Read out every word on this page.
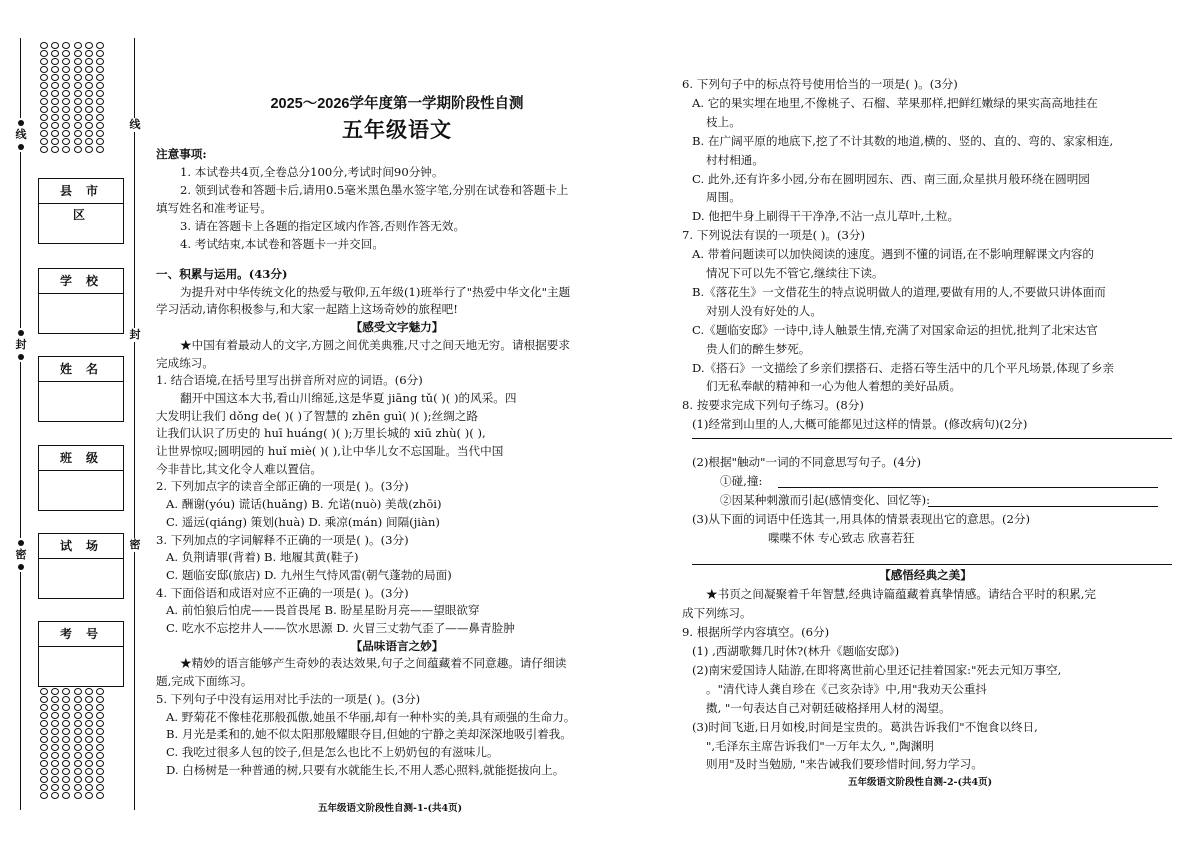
线
封
密
线
封
密
县市区
学校
姓名
班级
试场
考号
2025～2026学年度第一学期阶段性自测
五年级语文
注意事项:
1. 本试卷共4页,全卷总分100分,考试时间90分钟。
2. 领到试卷和答题卡后,请用0.5毫米黑色墨水签字笔,分别在试卷和答题卡上
填写姓名和准考证号。
3. 请在答题卡上各题的指定区域内作答,否则作答无效。
4. 考试结束,本试卷和答题卡一并交回。
一、积累与运用。(43分)
为提升对中华传统文化的热爱与敬仰,五年级(1)班举行了"热爱中华文化"主题
学习活动,请你积极参与,和大家一起踏上这场奇妙的旅程吧!
【感受文字魅力】
★中国有着最动人的文字,方圆之间优美典雅,尺寸之间天地无穷。请根据要求
完成练习。
1. 结合语境,在括号里写出拼音所对应的词语。(6分)
翻开中国这本大书,看山川绵延,这是华夏 jiāng tǔ( )( )的风采。四
大发明让我们 dǒng de( )( )了智慧的 zhēn guì( )( );丝绸之路
让我们认识了历史的 huī huáng( )( );万里长城的 xiū zhù( )( ),
让世界惊叹;圆明园的 huǐ miè( )( ),让中华儿女不忘国耻。当代中国
今非昔比,其文化令人难以置信。
2. 下列加点字的读音全部正确的一项是( )。(3分)
A. 酬谢(yóu) 谎话(huǎng) B. 允诺(nuò) 美哉(zhōi)
C. 遥远(qiáng) 策划(huà) D. 乘凉(mán) 间隔(jiàn)
3. 下列加点的字词解释不正确的一项是( )。(3分)
A. 负荆请罪(背着) B. 地履其黄(鞋子)
C. 题临安邸(旅店) D. 九州生气恃风雷(朝气蓬勃的局面)
4. 下面俗语和成语对应不正确的一项是( )。(3分)
A. 前怕狼后怕虎——畏首畏尾 B. 盼星星盼月亮——望眼欲穿
C. 吃水不忘挖井人——饮水思源 D. 火冒三丈勃气歪了——鼻青脸肿
【品味语言之妙】
★精妙的语言能够产生奇妙的表达效果,句子之间蕴藏着不同意趣。请仔细读
题,完成下面练习。
5. 下列句子中没有运用对比手法的一项是( )。(3分)
A. 野菊花不像桂花那般孤傲,她虽不华丽,却有一种朴实的美,具有顽强的生命力。
B. 月光是柔和的,她不似太阳那般耀眼夺目,但她的宁静之美却深深地吸引着我。
C. 我吃过很多人包的饺子,但是怎么也比不上奶奶包的有滋味儿。
D. 白杨树是一种普通的树,只要有水就能生长,不用人悉心照料,就能挺拔向上。
五年级语文阶段性自测-1-(共4页)
6. 下列句子中的标点符号使用恰当的一项是( )。(3分)
A. 它的果实埋在地里,不像桃子、石榴、苹果那样,把鲜红嫩绿的果实高高地挂在
枝上。
B. 在广阔平原的地底下,挖了不计其数的地道,横的、竖的、直的、弯的、家家相连,
村村相通。
C. 此外,还有许多小园,分布在圆明园东、西、南三面,众星拱月般环绕在圆明园
周围。
D. 他把牛身上刷得干干净净,不沾一点儿草叶,土粒。
7. 下列说法有误的一项是( )。(3分)
A. 带着问题读可以加快阅读的速度。遇到不懂的词语,在不影响理解课文内容的
情况下可以先不管它,继续往下读。
B.《落花生》一文借花生的特点说明做人的道理,要做有用的人,不要做只讲体面而
对别人没有好处的人。
C.《题临安邸》一诗中,诗人触景生情,充满了对国家命运的担忧,批判了北宋达官
贵人们的醉生梦死。
D.《搭石》一文描绘了乡亲们摆搭石、走搭石等生活中的几个平凡场景,体现了乡亲
们无私奉献的精神和一心为他人着想的美好品质。
8. 按要求完成下列句子练习。(8分)
(1)经常到山里的人,大概可能都见过这样的情景。(修改病句)(2分)
(2)根据"触动"一词的不同意思写句子。(4分)
①碰,撞:
②因某种刺激而引起(感情变化、回忆等):
(3)从下面的词语中任选其一,用具体的情景表现出它的意思。(2分)
喋喋不休 专心致志 欣喜若狂
【感悟经典之美】
★书页之间凝聚着千年智慧,经典诗篇蕴藏着真挚情感。请结合平时的积累,完
成下列练习。
9. 根据所学内容填空。(6分)
(1) ,西湖歌舞几时休?(林升《题临安邸》)
(2)南宋爱国诗人陆游,在即将离世前心里还记挂着国家:"死去元知万事空,
。"清代诗人龚自珍在《己亥杂诗》中,用"我劝天公重抖
擞, "一句表达自己对朝廷破格择用人材的渴望。
(3)时间飞逝,日月如梭,时间是宝贵的。葛洪告诉我们"不饱食以终日,
",毛泽东主席告诉我们"一万年太久, ",陶渊明
则用"及时当勉励, "来告诫我们要珍惜时间,努力学习。
五年级语文阶段性自测-2-(共4页)
